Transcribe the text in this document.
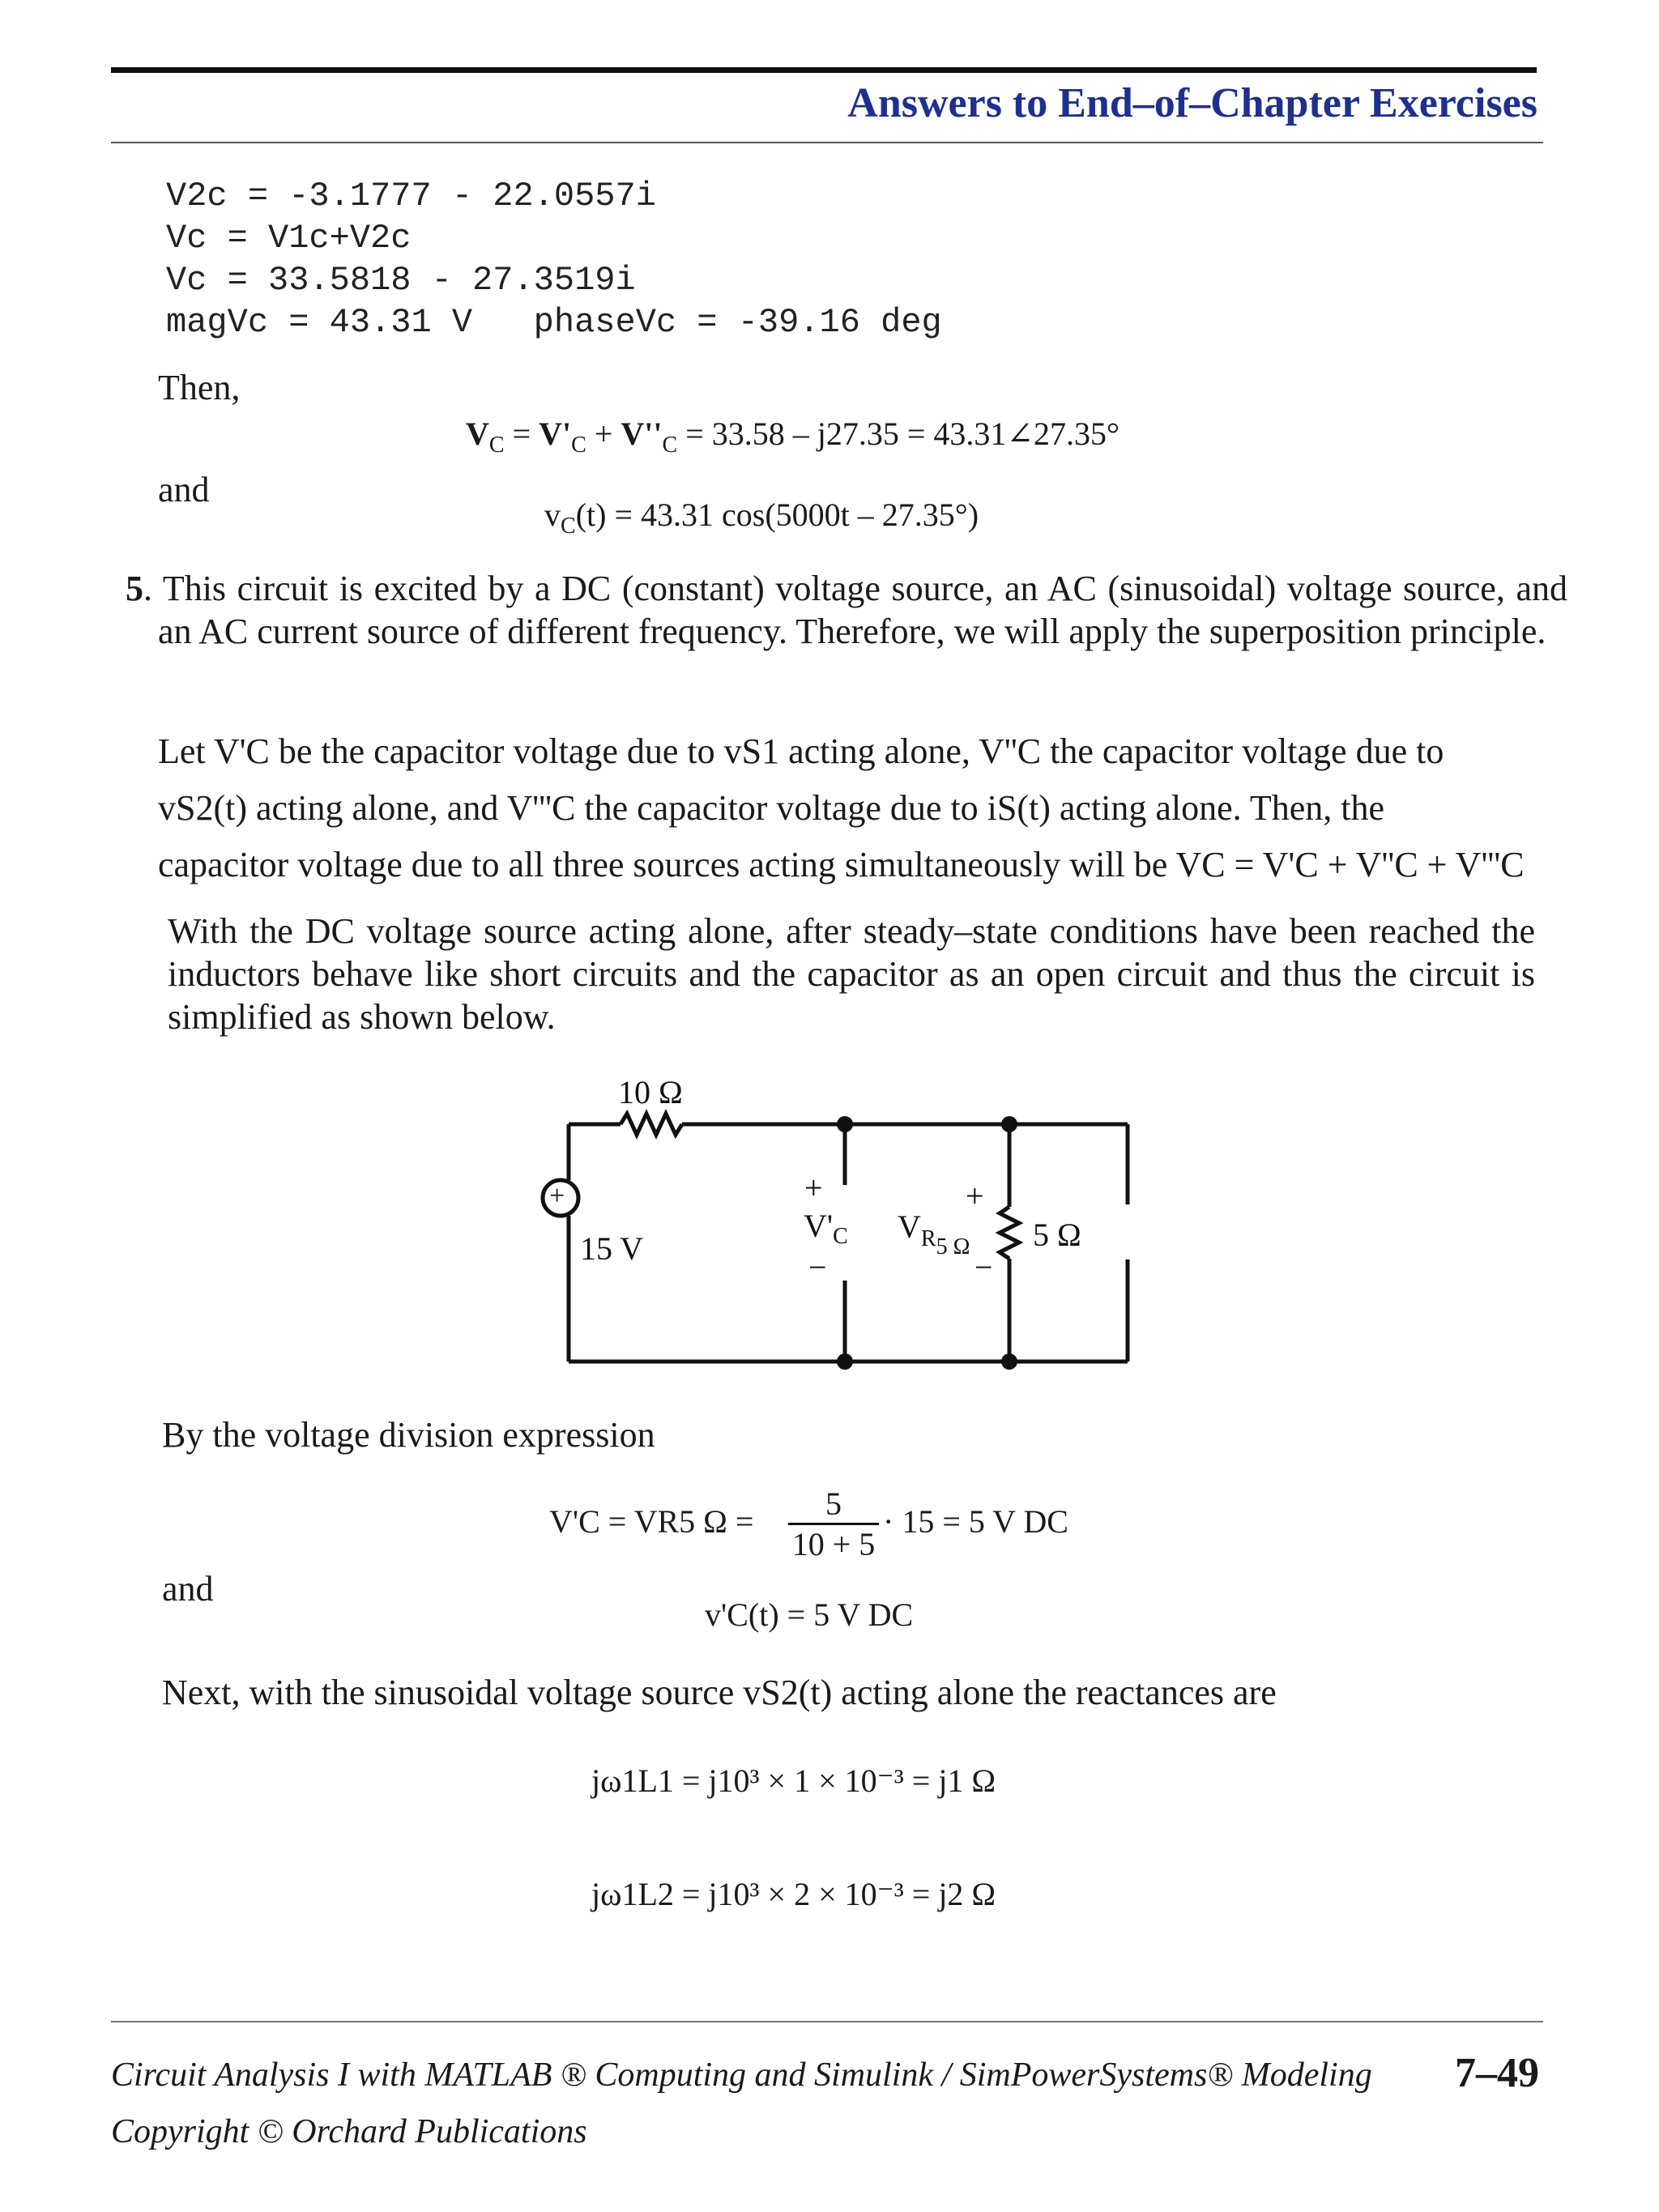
Answers to End–of–Chapter Exercises
V2c = -3.1777 - 22.0557i
Vc = V1c+V2c
Vc = 33.5818 - 27.3519i
magVc = 43.31 V   phaseVc = -39.16 deg
Then,
$V_C = V'_C + V''_C = 33.58 - j27.35$ = 43.31∠27.35°
and
$v_C(t) = 43.31$ cos(5000t – 27.35°)
5. This circuit is excited by a DC (constant) voltage source, an AC (sinusoidal) voltage source, and an AC current source of different frequency. Therefore, we will apply the superposition principle.
Let V'C be the capacitor voltage due to vS1 acting alone, V''C the capacitor voltage due to
vS2(t) acting alone, and V'''C the capacitor voltage due to iS(t) acting alone. Then, the
capacitor voltage due to all three sources acting simultaneously will be VC = V'C + V''C + V'''C
With the DC voltage source acting alone, after steady–state conditions have been reached the inductors behave like short circuits and the capacitor as an open circuit and thus the circuit is simplified as shown below.
10 Ω
+
15 V
+
$V'_C$
−
+
$V_{R5 \Omega}$
−
5 Ω
By the voltage division expression
V'C = VR5 Ω =	5
10 + 5
· 15 = 5 V DC
and
v'C(t) = 5 V DC
Next, with the sinusoidal voltage source vS2(t) acting alone the reactances are
jω1L1 = j10³ × 1 × 10⁻³ = j1 Ω
jω1L2 = j10³ × 2 × 10⁻³ = j2 Ω
Circuit Analysis I with MATLAB ® Computing and Simulink / SimPowerSystems® Modeling
Copyright © Orchard Publications
7–49
